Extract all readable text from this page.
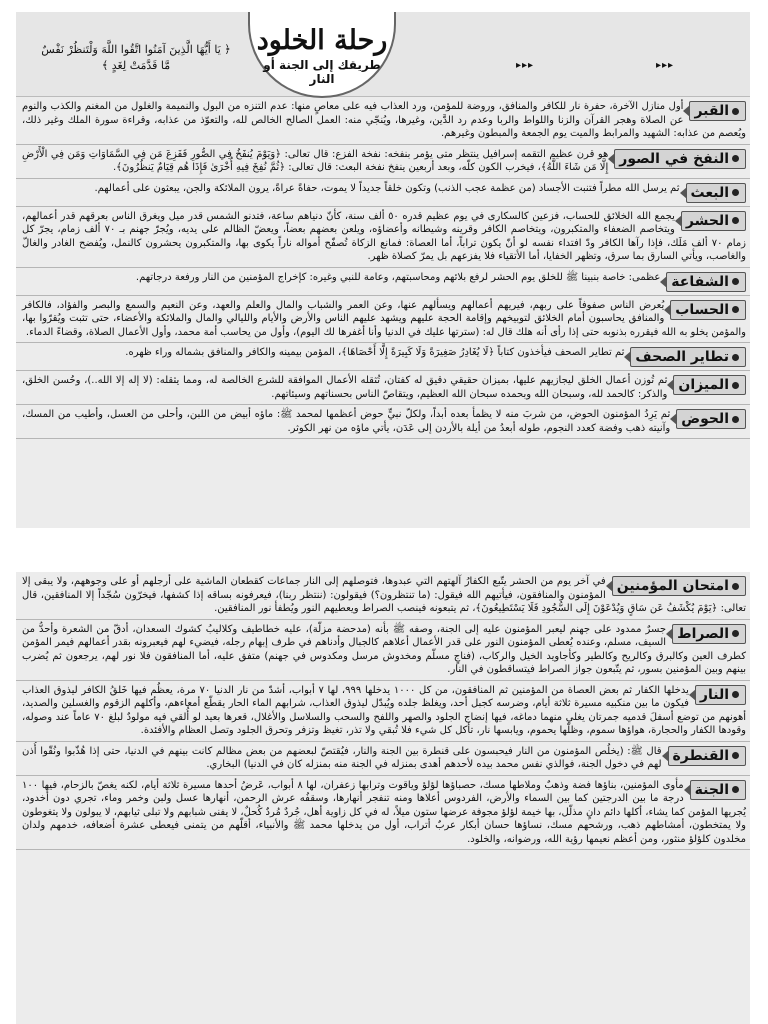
▸▸▸
▸▸▸
رحلة الخلود
طريقك إلى الجنة أو النار
﴿ يَا أَيُّهَا الَّذِينَ آمَنُوا اتَّقُوا اللَّهَ وَلْتَنظُرْ نَفْسٌ مَّا قَدَّمَتْ لِغَدٍ ﴾
القبر

أول منازل الآخرة، حفرة نار للكافر والمنافق، وروضة للمؤمن، ورد العذاب فيه على معاصٍ منها: عدم التنزه من البول والنميمة والغلول من المغنم والكذب والنوم عن الصلاة وهجر القرآن والزنا واللواط والربا وعدم رد الدَّين، وغيرها، ويُنجّي منه: العمل الصالح الخالص لله، والتعوّذ من عذابه، وقراءة سورة الملك وغير ذلك، ويُعصم من عذابه: الشهيد والمرابط والميت يوم الجمعة والمبطون وغيرهم.

النفخ في الصور

هو قرن عظيم التقمه إسرافيل ينتظر متى يؤمر بنفخه: نفخة الفزع: قال تعالى: ﴿وَيَوْمَ يُنفَخُ فِي الصُّورِ فَفَزِعَ مَن فِي السَّمَاوَاتِ وَمَن فِي الْأَرْضِ إِلَّا مَن شَاءَ اللَّهُ﴾، فيخرب الكون كلّه، وبعد أربعين ينفخ نفخة البعث: قال تعالى: ﴿ثُمَّ نُفِخَ فِيهِ أُخْرَىٰ فَإِذَا هُم قِيَامٌ يَنظُرُونَ﴾.

البعث

ثم يرسل الله مطراً فتنبت الأجساد (من عظمة عجب الذنب) وتكون خلقاً جديداً لا يموت، حفاةً عراةً، يرون الملائكة والجن، يبعثون على أعمالهم.

الحشر

يجمع الله الخلائق للحساب، فزعين كالسكارى في يوم عظيم قدره ٥٠ ألف سنة، كأنّ دنياهم ساعة، فتدنو الشمس قدر ميل ويغرق الناس بعرقهم قدر أعمالهم، ويتخاصم الضعفاء والمتكبرون، ويتخاصم الكافر وقرينه وشيطانه وأعضاؤه، ويلعن بعضهم بعضاً، ويعضّ الظالم على يديه، ويُجرّ جهنم بـ ٧٠ ألف زمام، يجرّ كل زمام ٧٠ ألف مَلَك، فإذا رآها الكافر ودّ افتداء نفسه لو أنّ يكون تراباً، أما العصاة: فمانع الزكاة تُصفّح أمواله ناراً يكوى بها، والمتكبرون يحشرون كالنمل، ويُفضح الغادر والغالّ والغاصب، ويأتي السارق بما سرق، وتظهر الخفايا، أما الأتقياء فلا يفزعهم بل يمرّ كصلاة ظهر.

الشفاعة

عظمى: خاصة بنبينا ﷺ للخلق يوم الحشر لرفع بلائهم ومحاسبتهم، وعامة للنبي وغيره: كإخراج المؤمنين من النار ورفعة درجاتهم.

الحساب

يُعرض الناس صفوفاً على ربهم، فيريهم أعمالهم ويسألهم عنها، وعن العمر والشباب والمال والعلم والعهد، وعن النعيم والسمع والبصر والفؤاد، فالكافر والمنافق يحاسبون أمام الخلائق لتوبيخهم وإقامة الحجة عليهم ويشهد عليهم الناس والأرض والأيام والليالي والمال والملائكة والأعضاء، حتى تثبت ويُقرّوا بها، والمؤمن يخلو به الله فيقرره بذنوبه حتى إذا رأى أنه هلك قال له: (سترتها عليك في الدنيا وأنا أغفرها لك اليوم)، وأول من يحاسب أمة محمد، وأول الأعمال الصلاة، وقضاءً الدماء.

تطاير الصحف

ثم تطاير الصحف فيأخذون كتاباً ﴿لَا يُغَادِرُ صَغِيرَةً وَلَا كَبِيرَةً إِلَّا أَحْصَاهَا﴾، المؤمن بيمينه والكافر والمنافق بشماله وراء ظهره.

الميزان

ثم تُوزن أعمال الخلق ليجازيهم عليها، بميزان حقيقي دقيق له كفتان، تُثقله الأعمال الموافقة للشرع الخالصة له، ومما يثقله: (لا إله إلا الله..)، وحُسن الخلق، والذكر: كالحمد لله، وسبحان الله وبحمده سبحان الله العظيم، ويتقاصّ الناس بحسناتهم وسيئاتهم.

الحوض

ثم يَرِدُ المؤمنون الحوض، من شربَ منه لا يظمأ بعده أبداً، ولكلّ نبيٍّ حوض أعظمها لمحمد ﷺ: ماؤه أبيض من اللبن، وأحلى من العسل، وأطيب من المسك، وآنيته ذهب وفضة كعدد النجوم، طوله أبعدُ من أيلة بالأردن إلى عَدَن، يأتي ماؤه من نهر الكوثر.

امتحان المؤمنين

في آخر يوم من الحشر يتّبع الكفارُ آلهتهم التي عبدوها، فتوصلهم إلى النار جماعات كقطعان الماشية على أرجلهم أو على وجوههم، ولا يبقى إلا المؤمنون والمنافقون، فيأتيهم الله فيقول: (ما تنتظرون؟) فيقولون: (ننتظر ربنا)، فيعرفونه بساقه إذا كشفها، فيخرّون سُجّداً إلا المنافقين، قال تعالى: ﴿يَوْمَ يُكْشَفُ عَن سَاقٍ وَيُدْعَوْنَ إِلَى السُّجُودِ فَلَا يَسْتَطِيعُونَ﴾، ثم يتبعونه فينصب الصراط ويعطيهم النور ويُطفأ نور المنافقين.

الصراط

جسرٌ ممدود على جهنم ليعبر المؤمنون عليه إلى الجنة، وصفه ﷺ بأنه (مدحضة مزلّة)، عليه خطاطيف وكلاليبُ كشوك السعدان، أدقّ من الشعرة وأحدُّ من السيف، مسلم، وعنده يُعطى المؤمنون النور على قدر الأعمال أعلاهم كالجبال وأدناهم في طرف إبهام رجله، فيضيء لهم فيعبرونه بقدر أعمالهم فيمر المؤمن كطرف العين وكالبرق وكالريح وكالطير وكأجاويد الخيل والركاب، (فناجٍ مسلّم ومخدوش مرسل ومكدوس في جهنم) متفق عليه، أما المنافقون فلا نور لهم، يرجعون ثم يُضرب بينهم وبين المؤمنين بسور، ثم يتّبعون جواز الصراط فيتساقطون في النار.

النار

يدخلها الكفار ثم بعض العصاة من المؤمنين ثم المنافقون، من كل ١٠٠٠ يدخلها ٩٩٩، لها ٧ أبواب، أشدّ من نار الدنيا ٧٠ مرة، يعظُم فيها خَلقُ الكافر ليذوق العذاب فيكون ما بين منكبيه مسيرة ثلاثة أيام، وضرسه كجبل أحد، ويغلظ جلده ويُبدّل ليذوق العذاب، شرابهم الماء الحار يقطّع أمعاءهم، وأكلهم الزقوم والغسلين والصديد، أهونهم من توضع أسفلَ قدميه جمرتان يغلي منهما دماغه، فيها إنضاج الجلود والصهر واللفح والسحب والسلاسل والأغلال، قعرها بعيد لو أُلقي فيه مولودٌ لبلغ ٧٠ عاماً عند وصوله، وقودها الكفار والحجارة، هواؤها سموم، وظلّها يحموم، ويابسها نار، تأكل كل شيء فلا تُبقي ولا تذر، تغيظ وتزفر وتحرق الجلود وتصل العظام والأفئدة.

القنطرة

قال ﷺ: (يخلُص المؤمنون من النار فيحبسون على قنطرة بين الجنة والنار، فيُقتصّ لبعضهم من بعض مظالم كانت بينهم في الدنيا، حتى إذا هُذّبوا ونُقّوا أُذن لهم في دخول الجنة، فوالذي نفس محمد بيده لأحدهم أهدى بمنزله في الجنة منه بمنزله كان في الدنيا) البخاري.

الجنة

مأوى المؤمنين، بناؤها فضة وذهبٌ وملاطها مسك، حصباؤها لؤلؤ وياقوت وترابها زعفران، لها ٨ أبواب، عَرضُ أحدها مسيرة ثلاثة أيام، لكنه يغصّ بالزحام، فيها ١٠٠ درجة ما بين الدرجتين كما بين السماء والأرض، الفردوس أعلاها ومنه تنفجر أنهارها، وسقفُه عرش الرحمن، أنهارها عسل ولبن وخمر وماء، تجري دون أخدود، يُجريها المؤمن كما يشاء، أكلها دائم دانٍ مذلّل، بها خيمة لؤلؤ مجوفة عرضها ستون ميلاً، له في كل زاوية أهل، جُردٌ مُردٌ كُحلٌ، لا يفنى شبابهم ولا تبلى ثيابهم، لا يبولون ولا يتغوطون ولا يمتخطون، أمشاطهم ذهب، ورشحهم مسك، نساؤها حسان أبكار عربٌ أتراب، أول من يدخلها محمد ﷺ والأنبياء، أقلّهم من يتمنى فيعطى عشرة أضعافه، خدمهم ولدان مخلدون كلؤلؤ منثور، ومن أعظم نعيمها رؤية الله، ورضوانه، والخلود.
